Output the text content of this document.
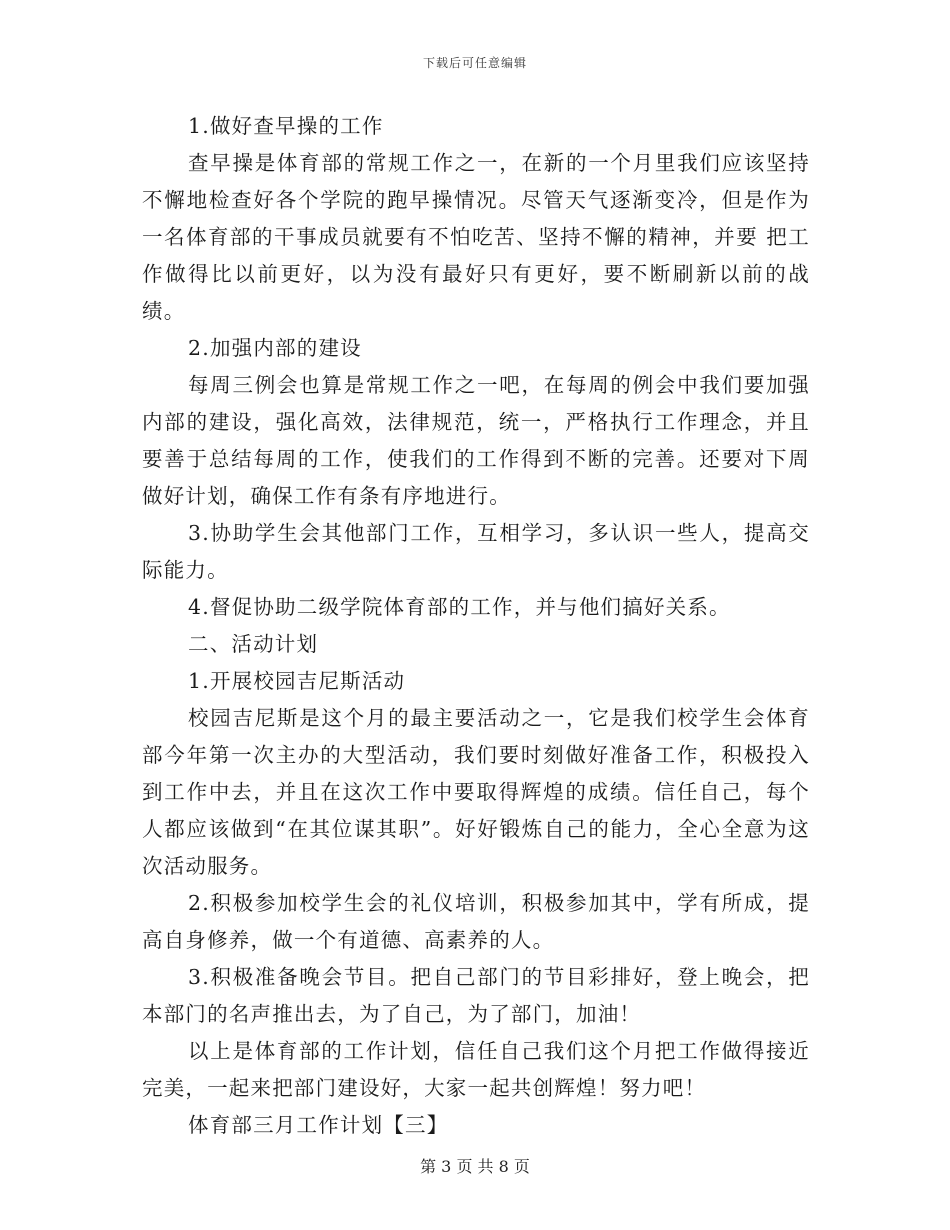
下载后可任意编辑

1.做好查早操的工作

查早操是体育部的常规工作之一，在新的一个月里我们应该坚持不懈地检查好各个学院的跑早操情况。尽管天气逐渐变冷，但是作为一名体育部的干事成员就要有不怕吃苦、坚持不懈的精神，并要 把工作做得比以前更好，以为没有最好只有更好，要不断刷新以前的战绩。

2.加强内部的建设

每周三例会也算是常规工作之一吧，在每周的例会中我们要加强内部的建设，强化高效，法律规范，统一，严格执行工作理念，并且要善于总结每周的工作，使我们的工作得到不断的完善。还要对下周做好计划，确保工作有条有序地进行。

3.协助学生会其他部门工作，互相学习，多认识一些人，提高交际能力。

4.督促协助二级学院体育部的工作，并与他们搞好关系。

二、活动计划

1.开展校园吉尼斯活动

校园吉尼斯是这个月的最主要活动之一，它是我们校学生会体育部今年第一次主办的大型活动，我们要时刻做好准备工作，积极投入到工作中去，并且在这次工作中要取得辉煌的成绩。信任自己，每个人都应该做到“在其位谋其职”。好好锻炼自己的能力，全心全意为这次活动服务。

2.积极参加校学生会的礼仪培训，积极参加其中，学有所成，提高自身修养，做一个有道德、高素养的人。

3.积极准备晚会节目。把自己部门的节目彩排好，登上晚会，把本部门的名声推出去，为了自己，为了部门，加油！

以上是体育部的工作计划，信任自己我们这个月把工作做得接近完美，一起来把部门建设好，大家一起共创辉煌！努力吧！

体育部三月工作计划【三】

第 3 页 共 8 页
